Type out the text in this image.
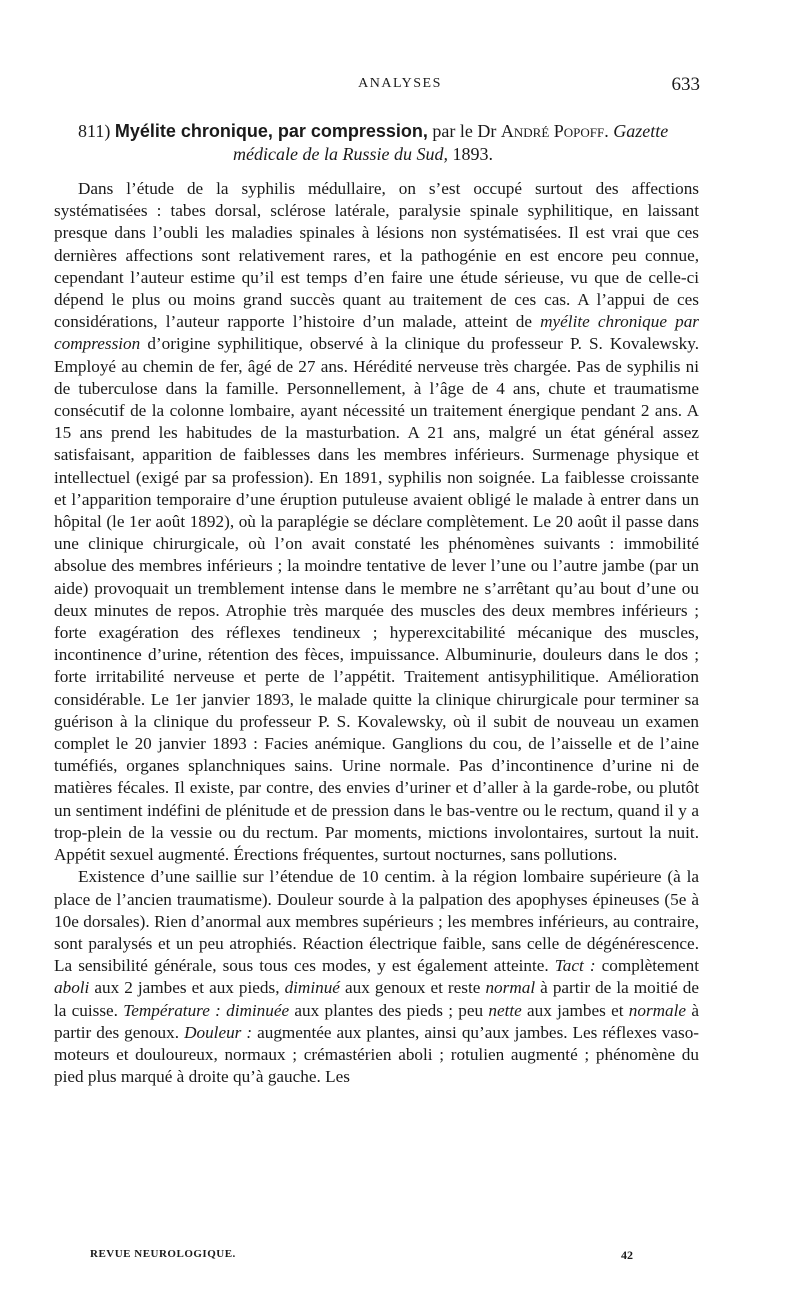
ANALYSES	633
811) Myélite chronique, par compression, par le Dr André Popoff. Gazette
médicale de la Russie du Sud, 1893.

Dans l’étude de la syphilis médullaire, on s’est occupé surtout des affections systématisées : tabes dorsal, sclérose latérale, paralysie spinale syphilitique, en laissant presque dans l’oubli les maladies spinales à lésions non systématisées. Il est vrai que ces dernières affections sont relativement rares, et la pathogénie en est encore peu connue, cependant l’auteur estime qu’il est temps d’en faire une étude sérieuse, vu que de celle-ci dépend le plus ou moins grand succès quant au traitement de ces cas. A l’appui de ces considérations, l’auteur rapporte l’histoire d’un malade, atteint de myélite chronique par compression d’origine syphilitique, observé à la clinique du professeur P. S. Kovalewsky. Employé au chemin de fer, âgé de 27 ans. Hérédité nerveuse très chargée. Pas de syphilis ni de tuberculose dans la famille. Personnellement, à l’âge de 4 ans, chute et traumatisme consécutif de la colonne lombaire, ayant nécessité un traitement énergique pendant 2 ans. A 15 ans prend les habitudes de la masturbation. A 21 ans, malgré un état général assez satisfaisant, apparition de faiblesses dans les membres inférieurs. Surmenage physique et intellectuel (exigé par sa profession). En 1891, syphilis non soignée. La faiblesse croissante et l’apparition temporaire d’une éruption putuleuse avaient obligé le malade à entrer dans un hôpital (le 1er août 1892), où la paraplégie se déclare complètement. Le 20 août il passe dans une clinique chirurgicale, où l’on avait constaté les phénomènes suivants : immobilité absolue des membres inférieurs ; la moindre tentative de lever l’une ou l’autre jambe (par un aide) provoquait un tremblement intense dans le membre ne s’arrêtant qu’au bout d’une ou deux minutes de repos. Atrophie très marquée des muscles des deux membres inférieurs ; forte exagération des réflexes tendineux ; hyperexcitabilité mécanique des muscles, incontinence d’urine, rétention des fèces, impuissance. Albuminurie, douleurs dans le dos ; forte irritabilité nerveuse et perte de l’appétit. Traitement antisyphilitique. Amélioration considérable. Le 1er janvier 1893, le malade quitte la clinique chirurgicale pour terminer sa guérison à la clinique du professeur P. S. Kovalewsky, où il subit de nouveau un examen complet le 20 janvier 1893 : Facies anémique. Ganglions du cou, de l’aisselle et de l’aine tuméfiés, organes splanchniques sains. Urine normale. Pas d’incontinence d’urine ni de matières fécales. Il existe, par contre, des envies d’uriner et d’aller à la garde-robe, ou plutôt un sentiment indéfini de plénitude et de pression dans le bas-ventre ou le rectum, quand il y a trop-plein de la vessie ou du rectum. Par moments, mictions involontaires, surtout la nuit. Appétit sexuel augmenté. Érections fréquentes, surtout nocturnes, sans pollutions.

Existence d’une saillie sur l’étendue de 10 centim. à la région lombaire supérieure (à la place de l’ancien traumatisme). Douleur sourde à la palpation des apophyses épineuses (5e à 10e dorsales). Rien d’anormal aux membres supérieurs ; les membres inférieurs, au contraire, sont paralysés et un peu atrophiés. Réaction électrique faible, sans celle de dégénérescence. La sensibilité générale, sous tous ces modes, y est également atteinte. Tact : complètement aboli aux 2 jambes et aux pieds, diminué aux genoux et reste normal à partir de la moitié de la cuisse. Température : diminuée aux plantes des pieds ; peu nette aux jambes et normale à partir des genoux. Douleur : augmentée aux plantes, ainsi qu’aux jambes. Les réflexes vaso-moteurs et douloureux, normaux ; crémastérien aboli ; rotulien augmenté ; phénomène du pied plus marqué à droite qu’à gauche. Les

REVUE NEUROLOGIQUE.	42
